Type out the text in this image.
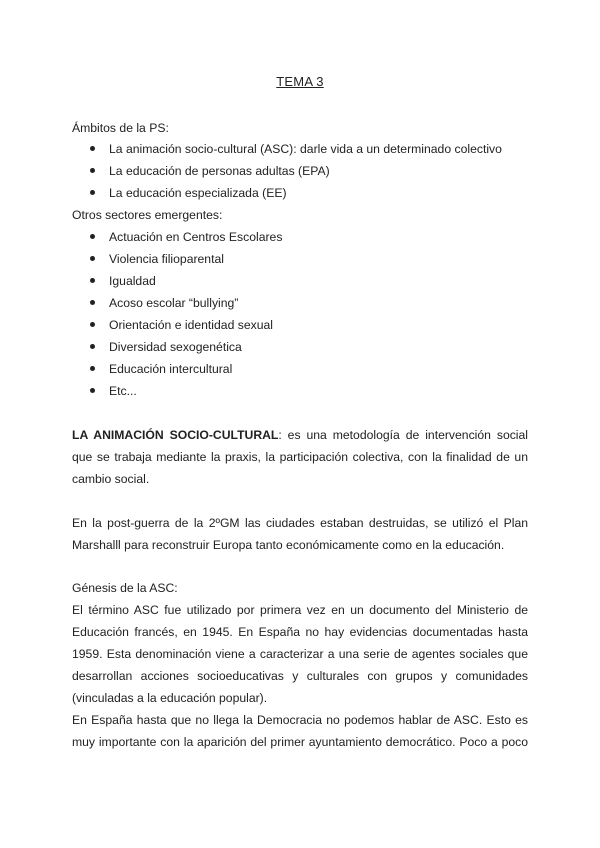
TEMA 3
Ámbitos de la PS:
La animación socio-cultural (ASC): darle vida a un determinado colectivo
La educación de personas adultas (EPA)
La educación especializada (EE)
Otros sectores emergentes:
Actuación en Centros Escolares
Violencia filioparental
Igualdad
Acoso escolar “bullying”
Orientación e identidad sexual
Diversidad sexogenética
Educación intercultural
Etc...
LA ANIMACIÓN SOCIO-CULTURAL: es una metodología de intervención social
que se trabaja mediante la praxis, la participación colectiva, con la finalidad de un
cambio social.
En la post-guerra de la 2ºGM las ciudades estaban destruidas, se utilizó el Plan
Marshalll para reconstruir Europa tanto económicamente como en la educación.
Génesis de la ASC:
El término ASC fue utilizado por primera vez en un documento del Ministerio de
Educación francés, en 1945. En España no hay evidencias documentadas hasta
1959. Esta denominación viene a caracterizar a una serie de agentes sociales que
desarrollan acciones socioeducativas y culturales con grupos y comunidades
(vinculadas a la educación popular).
En España hasta que no llega la Democracia no podemos hablar de ASC. Esto es
muy importante con la aparición del primer ayuntamiento democrático. Poco a poco
